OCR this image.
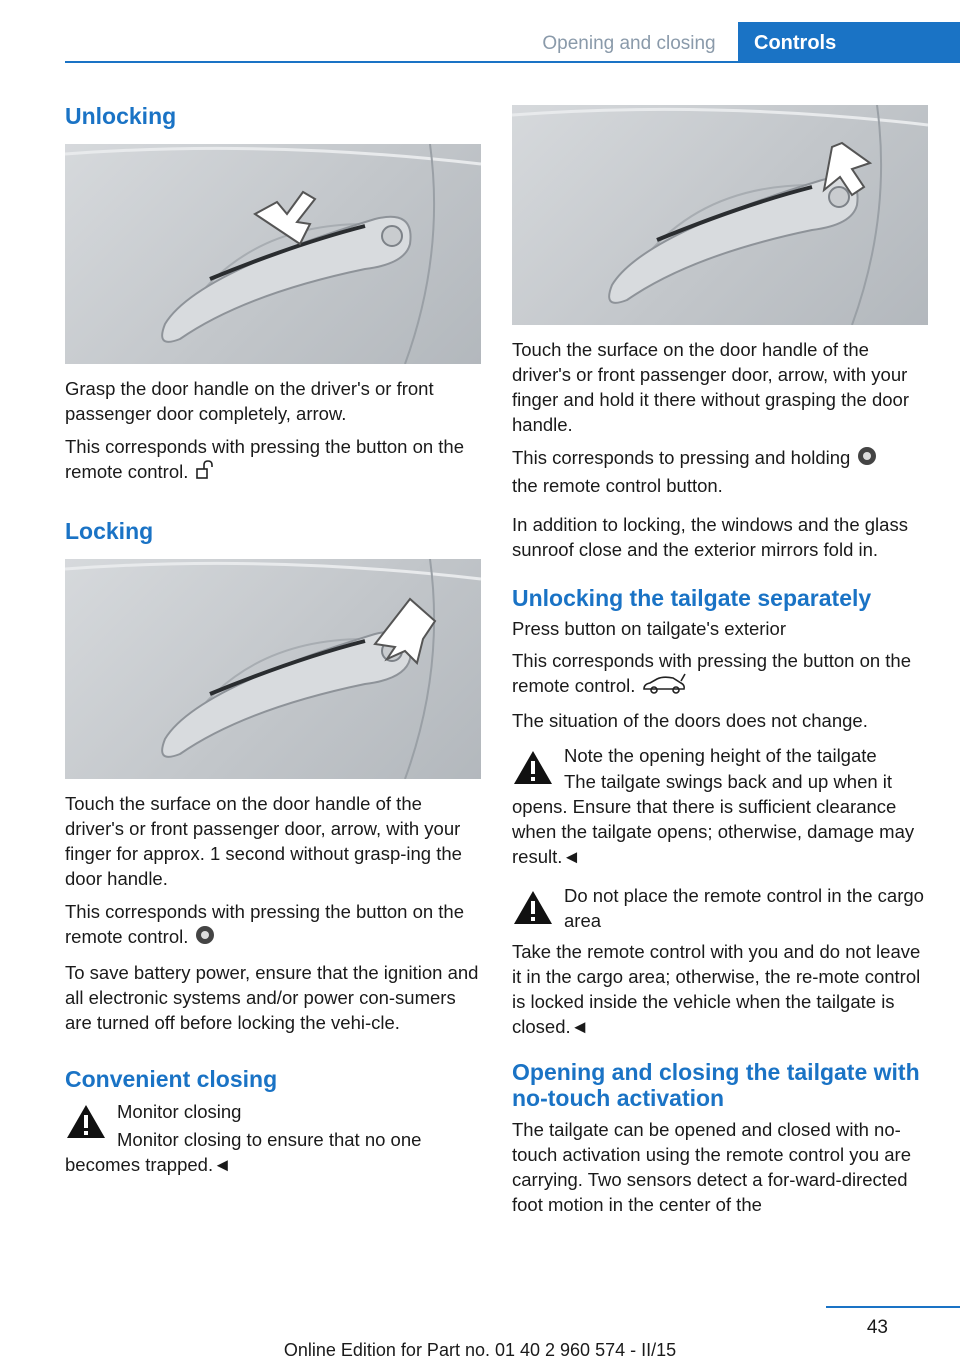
Opening and closing	Controls
Unlocking

Grasp the door handle on the driver's or front passenger door completely, arrow.

This corresponds with pressing the button on the remote control.

Locking

Touch the surface on the door handle of the driver's or front passenger door, arrow, with your finger for approx. 1 second without grasp‐ing the door handle.

This corresponds with pressing the button on the remote control.

To save battery power, ensure that the ignition and all electronic systems and/or power con‐sumers are turned off before locking the vehi‐cle.

Convenient closing

Monitor closing

Monitor closing to ensure that no one becomes trapped.◄

Touch the surface on the door handle of the driver's or front passenger door, arrow, with your finger and hold it there without grasping the door handle.

This corresponds to pressing and holding
the remote control button.

In addition to locking, the windows and the glass sunroof close and the exterior mirrors fold in.

Unlocking the tailgate separately

Press button on tailgate's exterior

This corresponds with pressing the button on the remote control.

The situation of the doors does not change.

Note the opening height of the tailgate

The tailgate swings back and up when it opens. Ensure that there is sufficient clearance when the tailgate opens; otherwise, damage may result.◄

Do not place the remote control in the cargo area

Take the remote control with you and do not leave it in the cargo area; otherwise, the re‐mote control is locked inside the vehicle when the tailgate is closed.◄

Opening and closing the tailgate with no-touch activation

The tailgate can be opened and closed with no-touch activation using the remote control you are carrying. Two sensors detect a for‐ward-directed foot motion in the center of the

43
Online Edition for Part no. 01 40 2 960 574 - II/15
